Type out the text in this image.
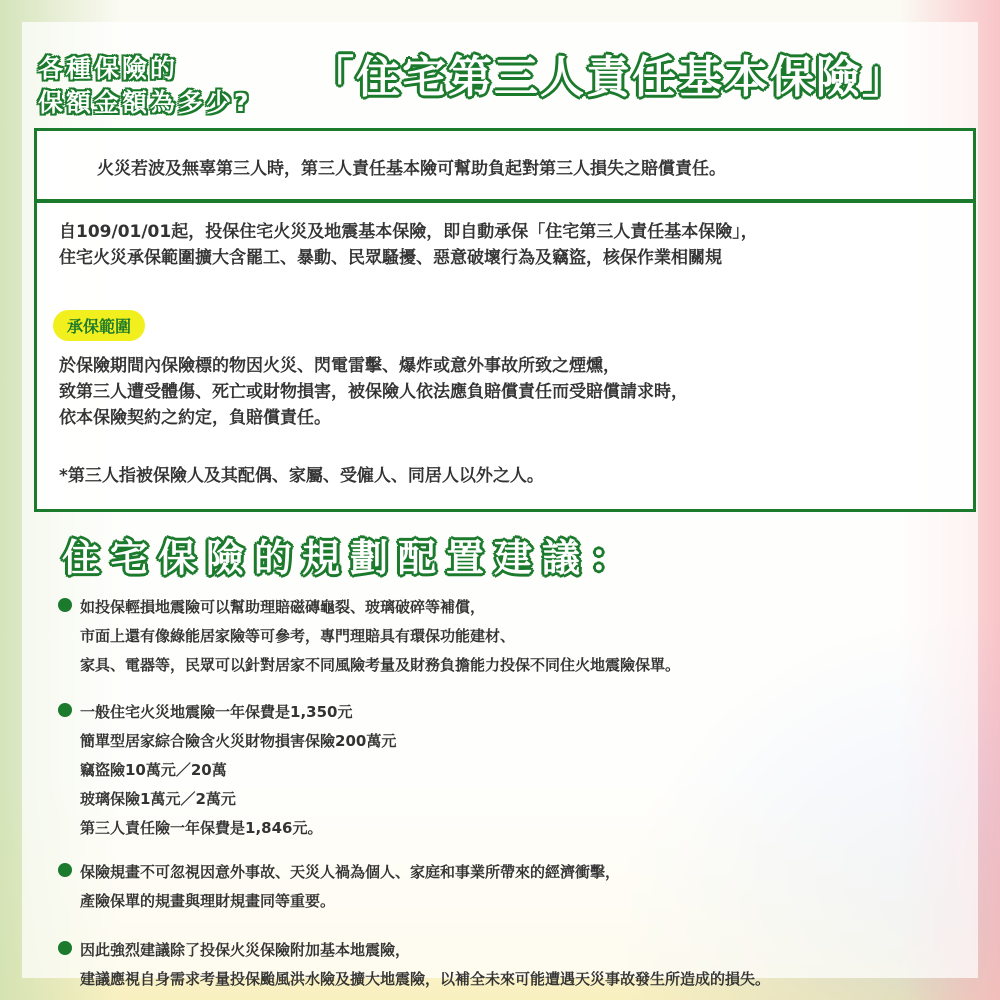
各種保險的
保額金額為多少? 「住宅第三人責任基本保險」
火災若波及無辜第三人時，第三人責任基本險可幫助負起對第三人損失之賠償責任。

自109/01/01起，投保住宅火災及地震基本保險，即自動承保「住宅第三人責任基本保險」，

住宅火災承保範圍擴大含罷工、暴動、民眾騷擾、惡意破壞行為及竊盜，核保作業相關規

承保範圍

於保險期間內保險標的物因火災、閃電雷擊、爆炸或意外事故所致之煙燻，

致第三人遭受體傷、死亡或財物損害，被保險人依法應負賠償責任而受賠償請求時，

依本保險契約之約定，負賠償責任。

*第三人指被保險人及其配偶、家屬、受僱人、同居人以外之人。
住宅保險的規劃配置建議：
如投保輕損地震險可以幫助理賠磁磚龜裂、玻璃破碎等補償，
市面上還有像綠能居家險等可參考，專門理賠具有環保功能建材、
家具、電器等，民眾可以針對居家不同風險考量及財務負擔能力投保不同住火地震險保單。
一般住宅火災地震險一年保費是1,350元
簡單型居家綜合險含火災財物損害保險200萬元
竊盜險10萬元／20萬
玻璃保險1萬元／2萬元
第三人責任險一年保費是1,846元。
保險規畫不可忽視因意外事故、天災人禍為個人、家庭和事業所帶來的經濟衝擊，
產險保單的規畫與理財規畫同等重要。
因此強烈建議除了投保火災保險附加基本地震險，
建議應視自身需求考量投保颱風洪水險及擴大地震險，以補全未來可能遭遇天災事故發生所造成的損失。
